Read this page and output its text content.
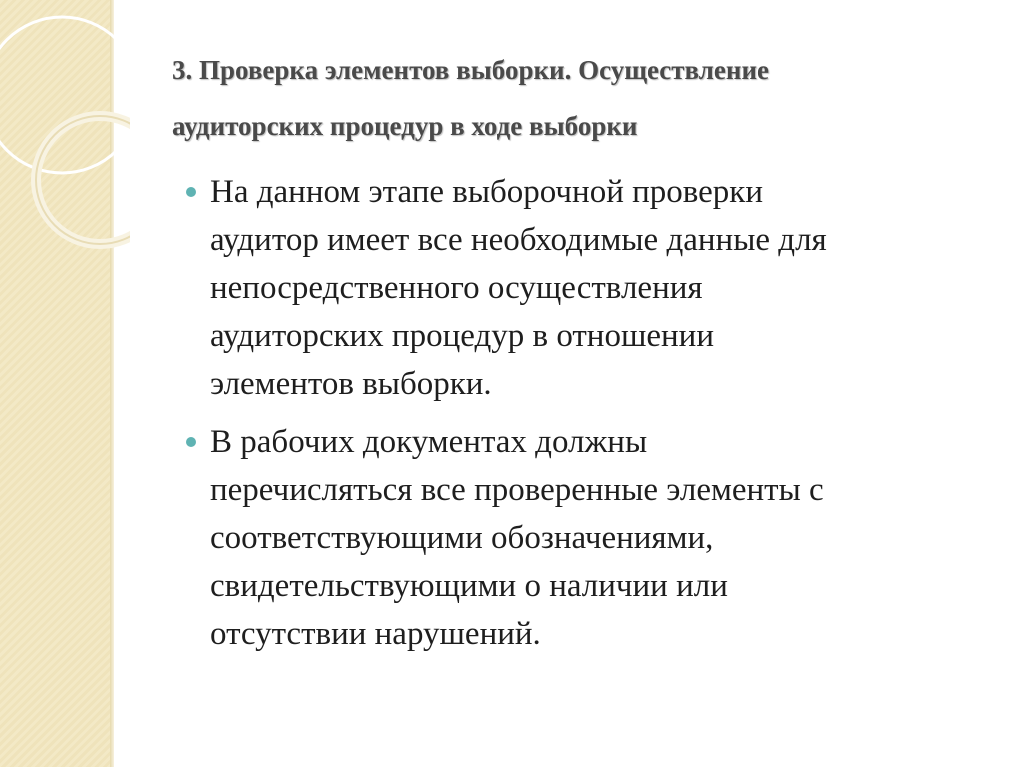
3. Проверка элементов выборки. Осуществление
аудиторских процедур в ходе выборки
На данном этапе выборочной проверки
аудитор имеет все необходимые данные для
непосредственного осуществления
аудиторских процедур в отношении
элементов выборки.
В рабочих документах должны
перечисляться все проверенные элементы с
соответствующими обозначениями,
свидетельствующими о наличии или
отсутствии нарушений.
